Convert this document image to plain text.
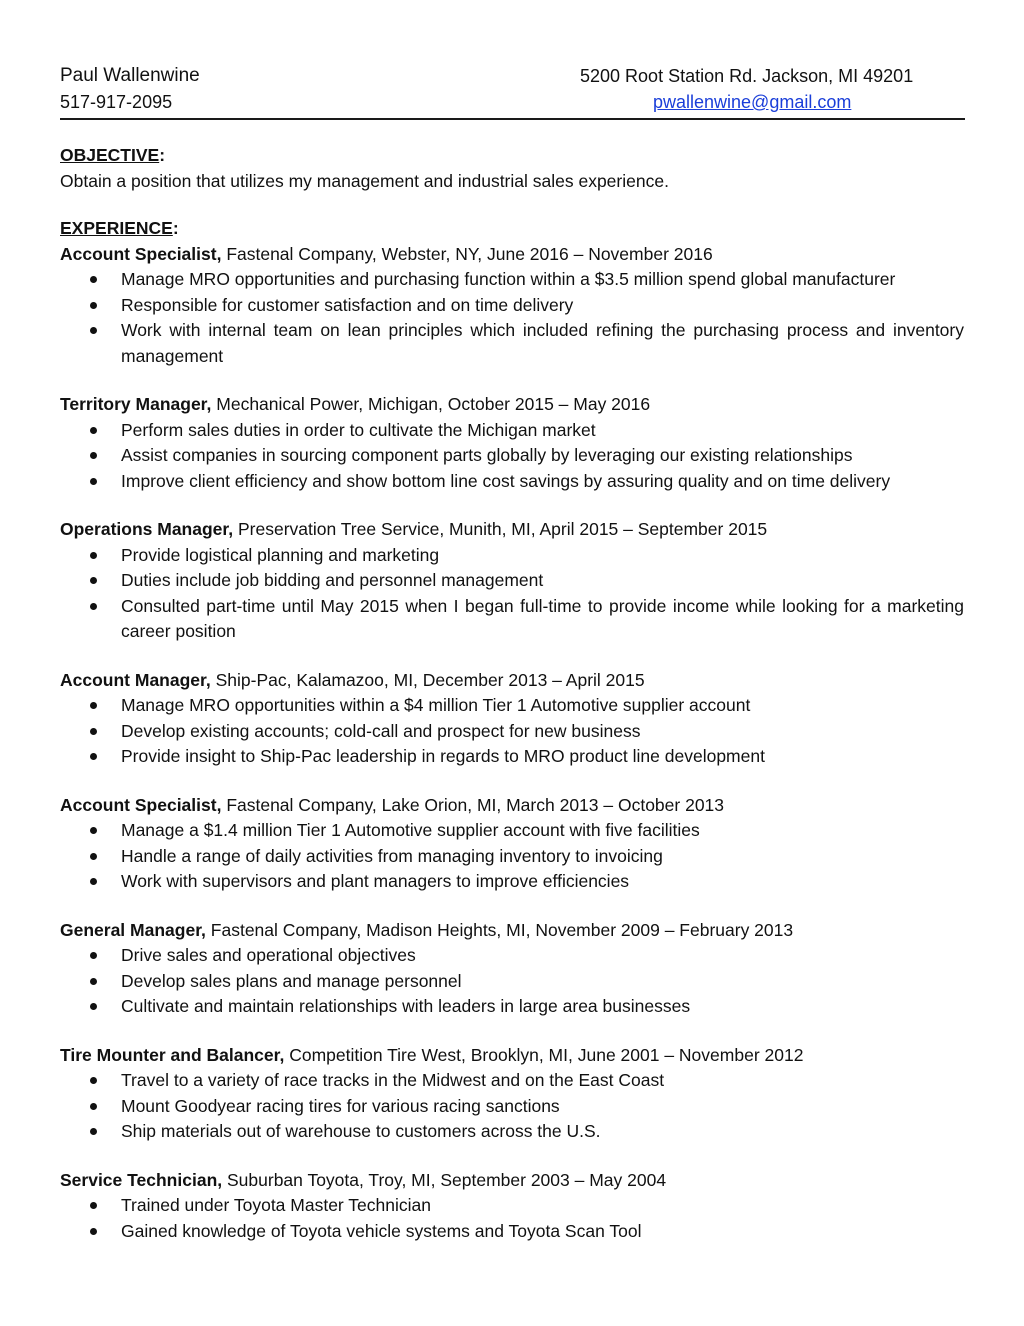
Paul Wallenwine	5200 Root Station Rd. Jackson, MI 49201
517-917-2095	pwallenwine@gmail.com

OBJECTIVE:

Obtain a position that utilizes my management and industrial sales experience.

EXPERIENCE:

Account Specialist, Fastenal Company, Webster, NY, June 2016 – November 2016

Manage MRO opportunities and purchasing function within a $3.5 million spend global manufacturer
Responsible for customer satisfaction and on time delivery
Work with internal team on lean principles which included refining the purchasing process and inventory management

Territory Manager, Mechanical Power, Michigan, October 2015 – May 2016

Perform sales duties in order to cultivate the Michigan market
Assist companies in sourcing component parts globally by leveraging our existing relationships
Improve client efficiency and show bottom line cost savings by assuring quality and on time delivery

Operations Manager, Preservation Tree Service, Munith, MI, April 2015 – September 2015

Provide logistical planning and marketing
Duties include job bidding and personnel management
Consulted part-time until May 2015 when I began full-time to provide income while looking for a marketing career position

Account Manager, Ship-Pac, Kalamazoo, MI, December 2013 – April 2015

Manage MRO opportunities within a $4 million Tier 1 Automotive supplier account
Develop existing accounts; cold-call and prospect for new business
Provide insight to Ship-Pac leadership in regards to MRO product line development

Account Specialist, Fastenal Company, Lake Orion, MI, March 2013 – October 2013

Manage a $1.4 million Tier 1 Automotive supplier account with five facilities
Handle a range of daily activities from managing inventory to invoicing
Work with supervisors and plant managers to improve efficiencies

General Manager, Fastenal Company, Madison Heights, MI, November 2009 – February 2013

Drive sales and operational objectives
Develop sales plans and manage personnel
Cultivate and maintain relationships with leaders in large area businesses

Tire Mounter and Balancer, Competition Tire West, Brooklyn, MI, June 2001 – November 2012

Travel to a variety of race tracks in the Midwest and on the East Coast
Mount Goodyear racing tires for various racing sanctions
Ship materials out of warehouse to customers across the U.S.

Service Technician, Suburban Toyota, Troy, MI, September 2003 – May 2004

Trained under Toyota Master Technician
Gained knowledge of Toyota vehicle systems and Toyota Scan Tool
